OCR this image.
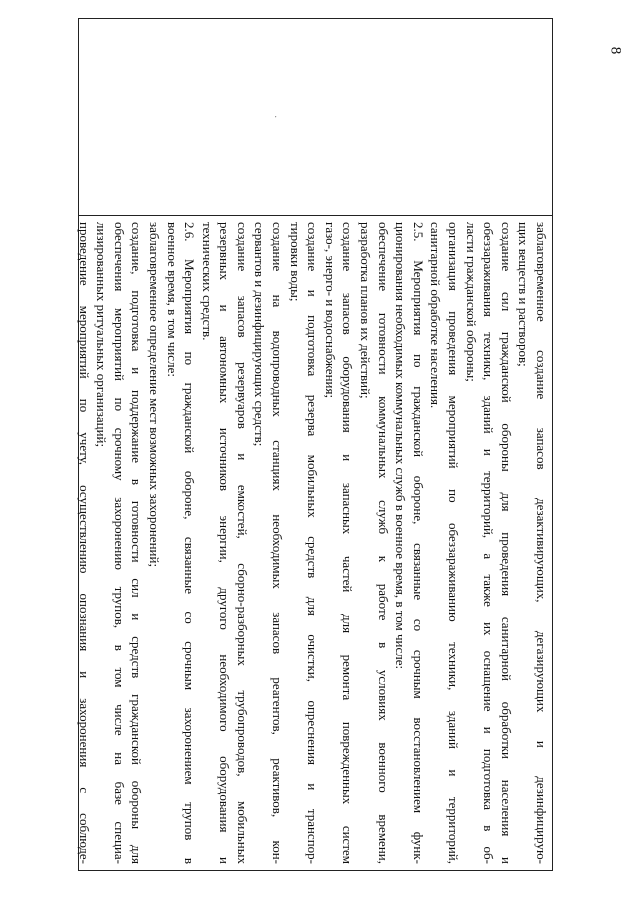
8
·
заблаговременное создание запасов дезактивирующих, дегазирующих и дезинфицирую-
щих веществ и растворов;
создание сил гражданской обороны для проведения санитарной обработки населения и
обеззараживания техники, зданий и территорий, а также их оснащение и подготовка в об-
ласти гражданской обороны;
организация проведения мероприятий по обеззараживанию техники, зданий и территорий,
санитарной обработке населения.
2.5. Мероприятия по гражданской обороне, связанные со срочным восстановлением функ-
ционирования необходимых коммунальных служб в военное время, в том числе:
обеспечение готовности коммунальных служб к работе в условиях военного времени,
разработка планов их действий;
создание запасов оборудования и запасных частей для ремонта поврежденных систем
газо-, энерго- и водоснабжения;
создание и подготовка резерва мобильных средств для очистки, опреснения и транспор-
тировки воды;
создание на водопроводных станциях необходимых запасов реагентов, реактивов, кон-
сервантов и дезинфицирующих средств;
создание запасов резервуаров и емкостей, сборно-разборных трубопроводов, мобильных
резервных и автономных источников энергии, другого необходимого оборудования и
технических средств.
2.6. Мероприятия по гражданской обороне, связанные со срочным захоронением трупов в
военное время, в том числе:
заблаговременное определение мест возможных захоронений;
создание, подготовка и поддержание в готовности сил и средств гражданской обороны для
обеспечения мероприятий по срочному захоронению трупов, в том числе на базе специа-
лизированных ритуальных организаций;
проведение мероприятий по учету, осуществлению опознания и захоронения с соблюде-
